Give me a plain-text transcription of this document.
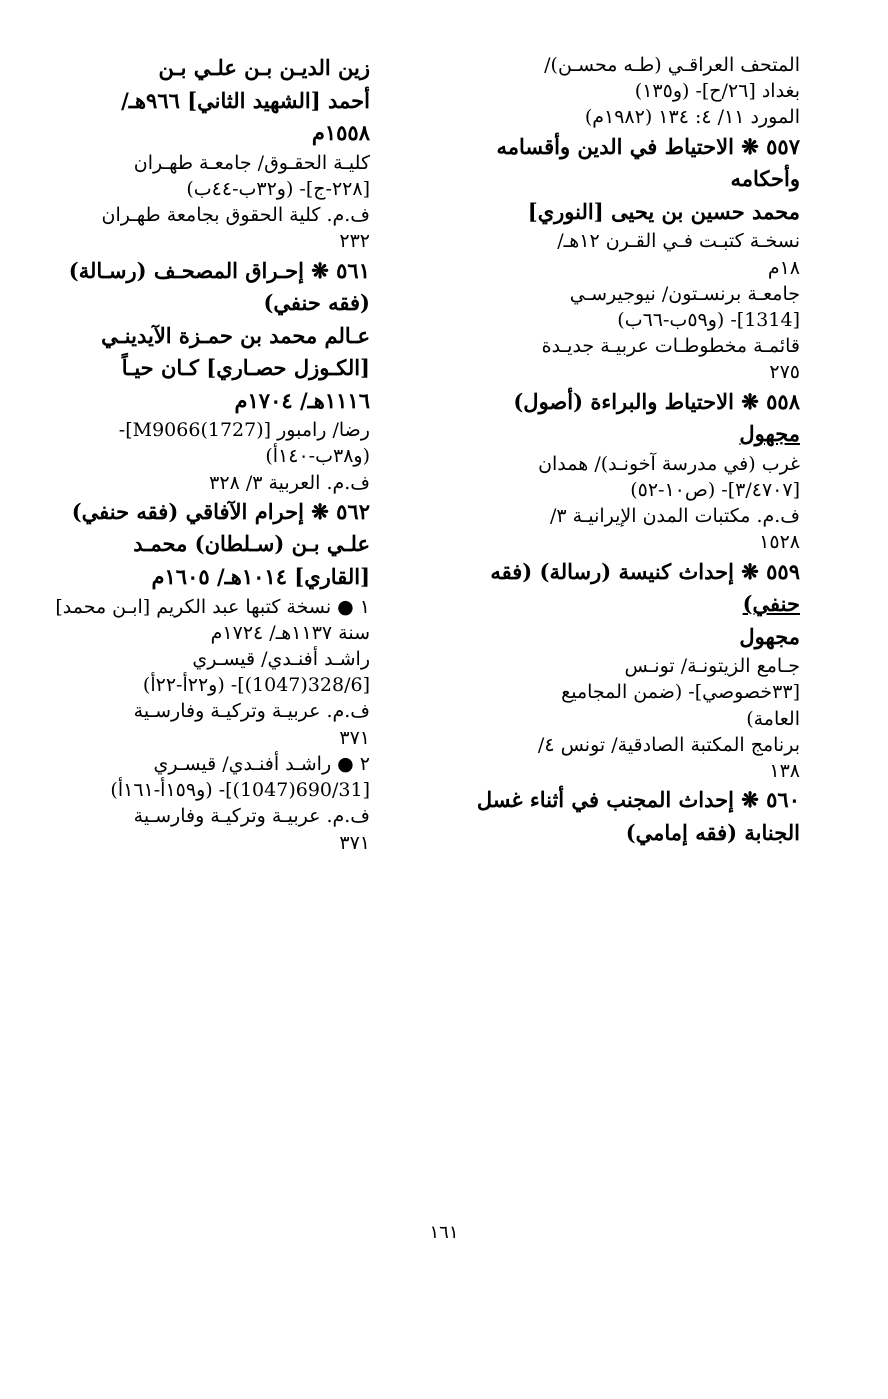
المتحف العراقـي (طـه محسـن)/
بغداد [٢٦/ح]- (و١٣٥)
المورد ١١/ ٤: ١٣٤ (١٩٨٢م)
٥٥٧ ❋ الاحتياط في الدين وأقسامه
وأحكامه
محمد حسين بن يحيى [النوري]
نسخـة كتبـت فـي القـرن ١٢هـ/
١٨م
جامعـة برنسـتون/ نيوجيرسـي
[1314]- (و٥٩ب-٦٦ب)
قائمـة مخطوطـات عربيـة جديـدة
٢٧٥
٥٥٨ ❋ الاحتياط والبراءة (أصول)
مجهول
غرب (في مدرسة آخونـد)/ همدان
[٣/٤٧٠٧]- (ص١٠-٥٢)
ف.م. مكتبات المدن الإيرانيـة ٣/
١٥٢٨
٥٥٩ ❋ إحداث كنيسة (رسالة) (فقه
حنفي)
مجهول
جـامع الزيتونـة/ تونـس
[٣٣خصوصي]- (ضمن المجاميع
العامة)
برنامج المكتبة الصادقية/ تونس ٤/
١٣٨
٥٦٠ ❋ إحداث المجنب في أثناء غسل
الجنابة (فقه إمامي)
زين الديـن بـن علـي بـن
أحمد [الشهيد الثاني] ٩٦٦هـ/
١٥٥٨م
كليـة الحقـوق/ جامعـة طهـران
[٢٢٨-ج]- (و٣٢ب-٤٤ب)
ف.م. كلية الحقوق بجامعة طهـران
٢٣٢
٥٦١ ❋ إحـراق المصحـف (رسـالة)
(فقه حنفي)
عـالم محمد بن حمـزة الآيدينـي
[الكـوزل حصـاري] كـان حيـاً
١١١٦هـ/ ١٧٠٤م
رضا/ رامبور [M9066(1727)]-
(و٣٨ب-١٤٠أ)
ف.م. العربية ٣/ ٣٢٨
٥٦٢ ❋ إحرام الآفاقي (فقه حنفي)
علـي بـن (سـلطان) محمـد
[القاري] ١٠١٤هـ/ ١٦٠٥م
١ ● نسخة كتبها عبد الكريم [ابـن محمد]
سنة ١١٣٧هـ/ ١٧٢٤م
راشـد أفنـدي/ قيسـري
[328/6(1047)]- (و٢٢أ-٢٢أ)
ف.م. عربيـة وتركيـة وفارسـية
٣٧١
٢ ● راشـد أفنـدي/ قيسـري
[690/31(1047)]- (و١٥٩أ-١٦١أ)
ف.م. عربيـة وتركيـة وفارسـية
٣٧١
١٦١
